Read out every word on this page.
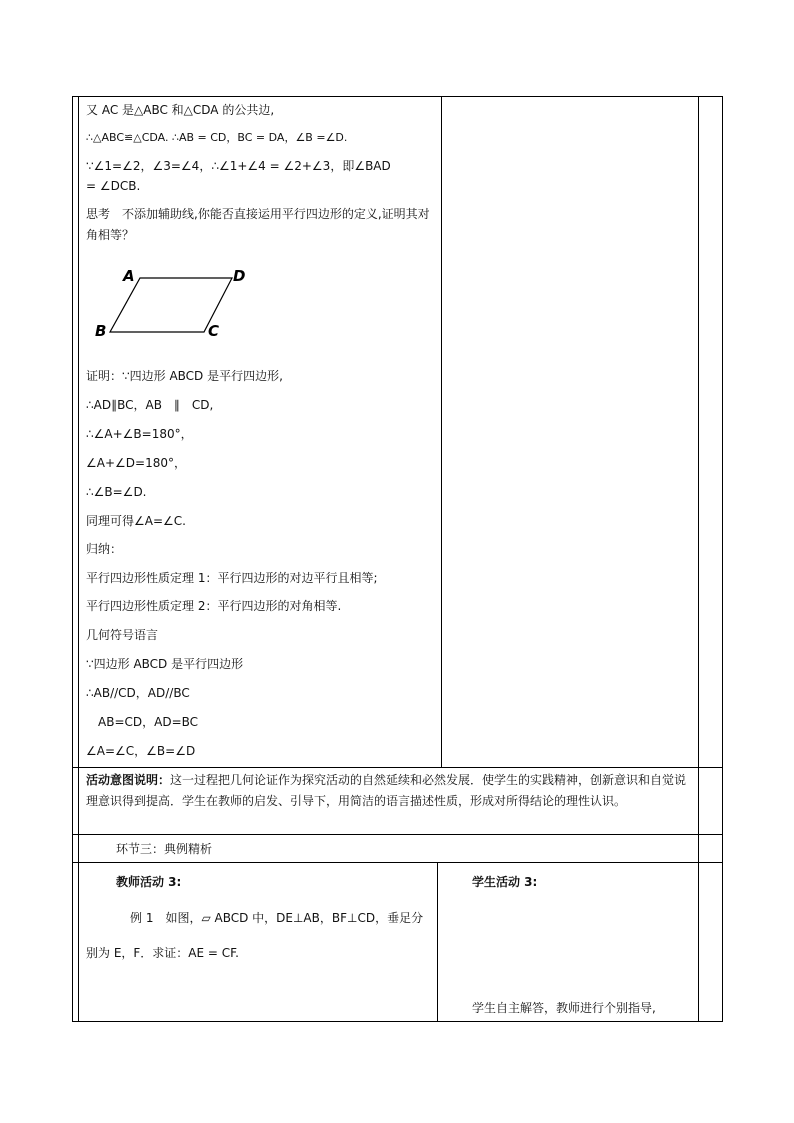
又 AC 是△ABC 和△CDA 的公共边,
∴△ABC≌△CDA. ∴AB = CD，BC = DA，∠B =∠D.
∵∠1=∠2，∠3=∠4，∴∠1+∠4 = ∠2+∠3，即∠BAD
= ∠DCB.
思考　不添加辅助线,你能否直接运用平行四边形的定义,证明其对角相等？
A	D
B	C
证明：∵四边形 ABCD 是平行四边形,
∴AD∥BC，AB　∥　CD,
∴∠A+∠B=180°，
∠A+∠D=180°，
∴∠B=∠D.
同理可得∠A=∠C.
归纳：
平行四边形性质定理 1：平行四边形的对边平行且相等;
平行四边形性质定理 2：平行四边形的对角相等.
几何符号语言
∵四边形 ABCD 是平行四边形
∴AB//CD，AD//BC
　AB=CD，AD=BC
∠A=∠C，∠B=∠D
活动意图说明：这一过程把几何论证作为探究活动的自然延续和必然发展．使学生的实践精神，创新意识和自觉说理意识得到提高．学生在教师的启发、引导下，用简洁的语言描述性质，形成对所得结论的理性认识。
环节三：典例精析
教师活动 3:
例 1　如图，▱ ABCD 中，DE⊥AB，BF⊥CD，垂足分
别为 E，F．求证：AE = CF.
学生活动 3:
学生自主解答，教师进行个别指导,
